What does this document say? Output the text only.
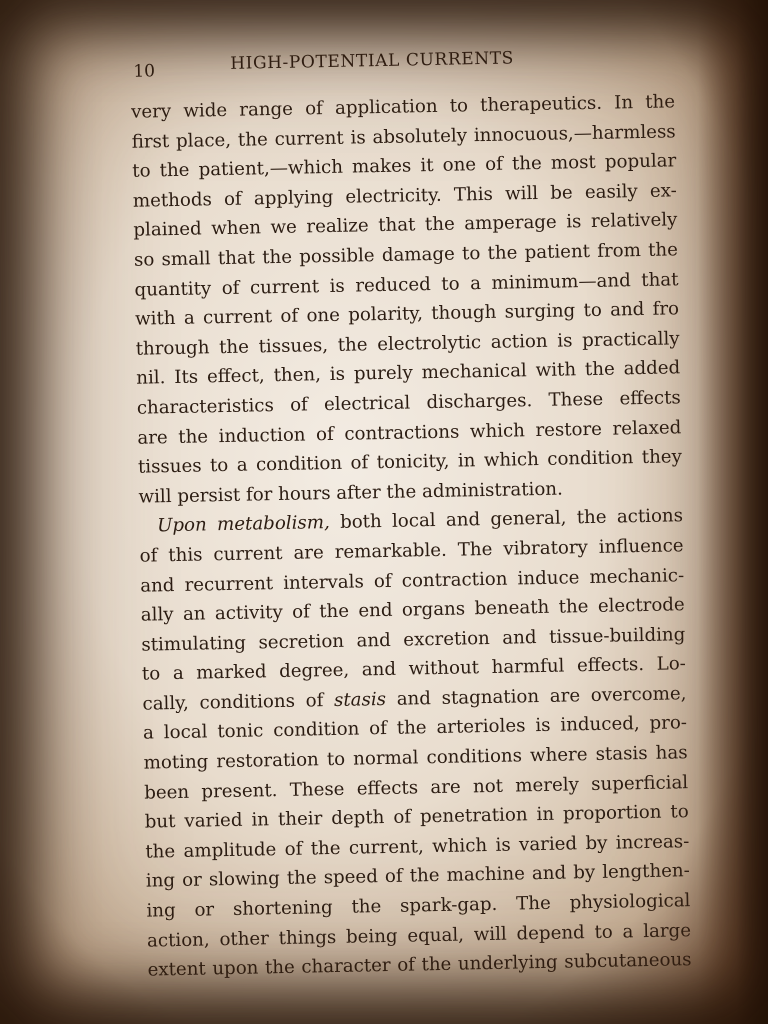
10	HIGH-POTENTIAL CURRENTS
very wide range of application to therapeutics. In the
first place, the current is absolutely innocuous,—harmless
to the patient,—which makes it one of the most popular
methods of applying electricity. This will be easily ex-
plained when we realize that the amperage is relatively
so small that the possible damage to the patient from the
quantity of current is reduced to a minimum—and that
with a current of one polarity, though surging to and fro
through the tissues, the electrolytic action is practically
nil. Its effect, then, is purely mechanical with the added
characteristics of electrical discharges. These effects
are the induction of contractions which restore relaxed
tissues to a condition of tonicity, in which condition they
will persist for hours after the administration.
Upon metabolism, both local and general, the actions
of this current are remarkable. The vibratory influence
and recurrent intervals of contraction induce mechanic-
ally an activity of the end organs beneath the electrode
stimulating secretion and excretion and tissue-building
to a marked degree, and without harmful effects. Lo-
cally, conditions of stasis and stagnation are overcome,
a local tonic condition of the arterioles is induced, pro-
moting restoration to normal conditions where stasis has
been present. These effects are not merely superficial
but varied in their depth of penetration in proportion to
the amplitude of the current, which is varied by increas-
ing or slowing the speed of the machine and by lengthen-
ing or shortening the spark-gap. The physiological
action, other things being equal, will depend to a large
extent upon the character of the underlying subcutaneous
